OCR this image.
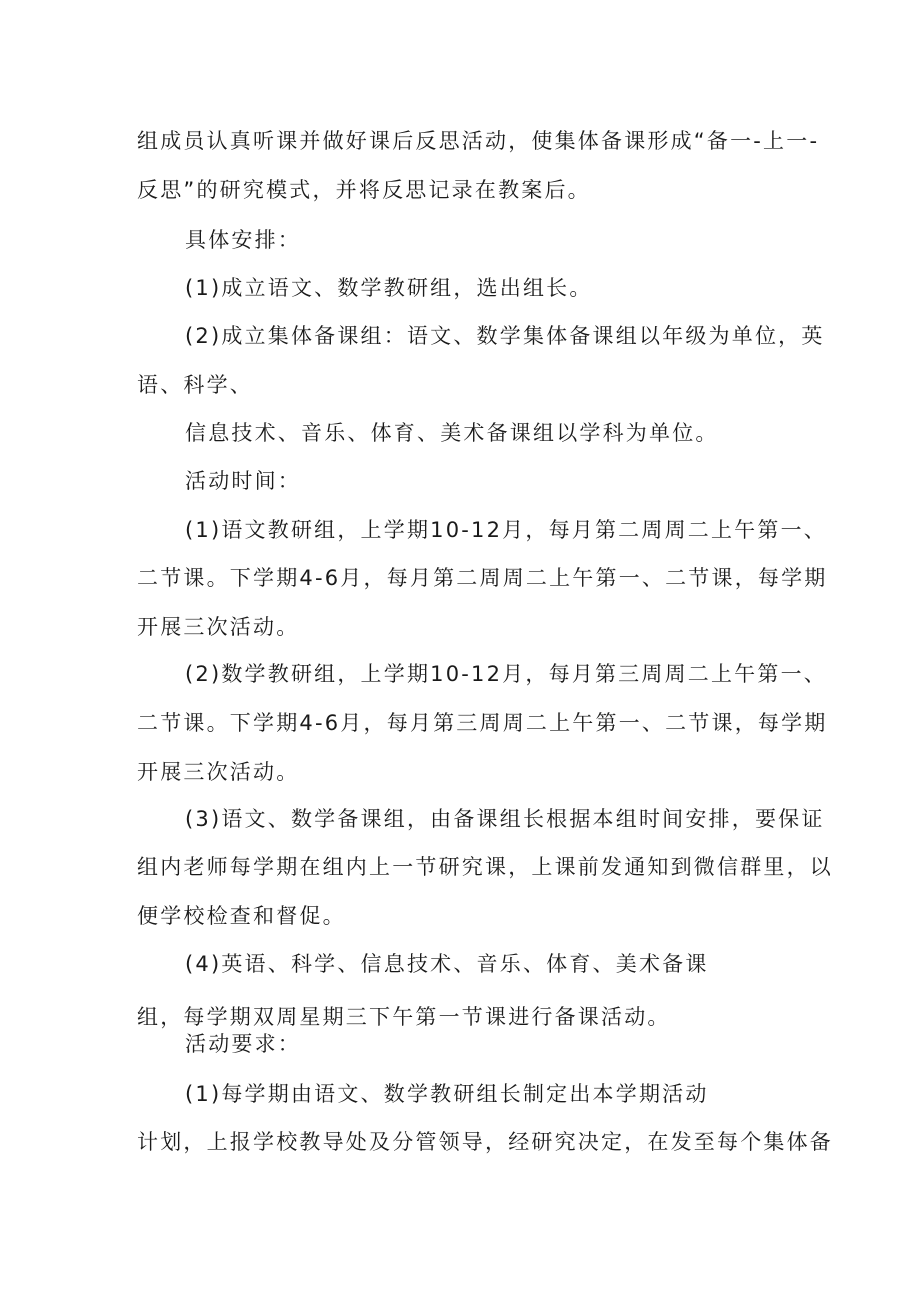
组成员认真听课并做好课后反思活动，使集体备课形成“备一-上一-
反思”的研究模式，并将反思记录在教案后。
具体安排：
(1)成立语文、数学教研组，选出组长。
(2)成立集体备课组：语文、数学集体备课组以年级为单位，英
语、科学、
信息技术、音乐、体育、美术备课组以学科为单位。
活动时间：
(1)语文教研组，上学期10-12月，每月第二周周二上午第一、
二节课。下学期4-6月，每月第二周周二上午第一、二节课，每学期
开展三次活动。
(2)数学教研组，上学期10-12月，每月第三周周二上午第一、
二节课。下学期4-6月，每月第三周周二上午第一、二节课，每学期
开展三次活动。
(3)语文、数学备课组，由备课组长根据本组时间安排，要保证
组内老师每学期在组内上一节研究课，上课前发通知到微信群里，以
便学校检查和督促。
(4)英语、科学、信息技术、音乐、体育、美术备课
组，每学期双周星期三下午第一节课进行备课活动。
活动要求：
(1)每学期由语文、数学教研组长制定出本学期活动
计划，上报学校教导处及分管领导，经研究决定，在发至每个集体备
